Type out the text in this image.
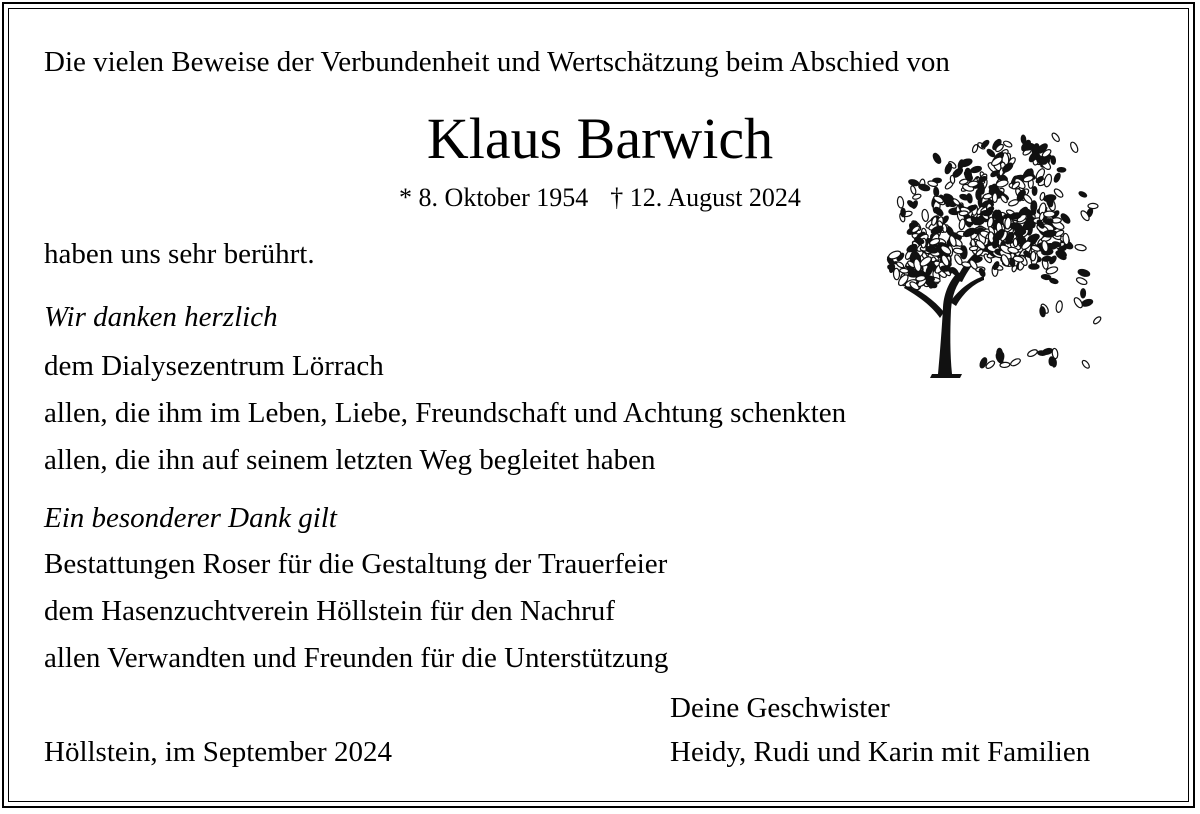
Die vielen Beweise der Verbundenheit und Wertschätzung beim Abschied von
Klaus Barwich
* 8. Oktober 1954 † 12. August 2024
haben uns sehr berührt.
Wir danken herzlich
dem Dialysezentrum Lörrach
allen, die ihm im Leben, Liebe, Freundschaft und Achtung schenkten
allen, die ihn auf seinem letzten Weg begleitet haben
Ein besonderer Dank gilt
Bestattungen Roser für die Gestaltung der Trauerfeier
dem Hasenzuchtverein Höllstein für den Nachruf
allen Verwandten und Freunden für die Unterstützung
Deine Geschwister
Höllstein, im September 2024	Heidy, Rudi und Karin mit Familien
